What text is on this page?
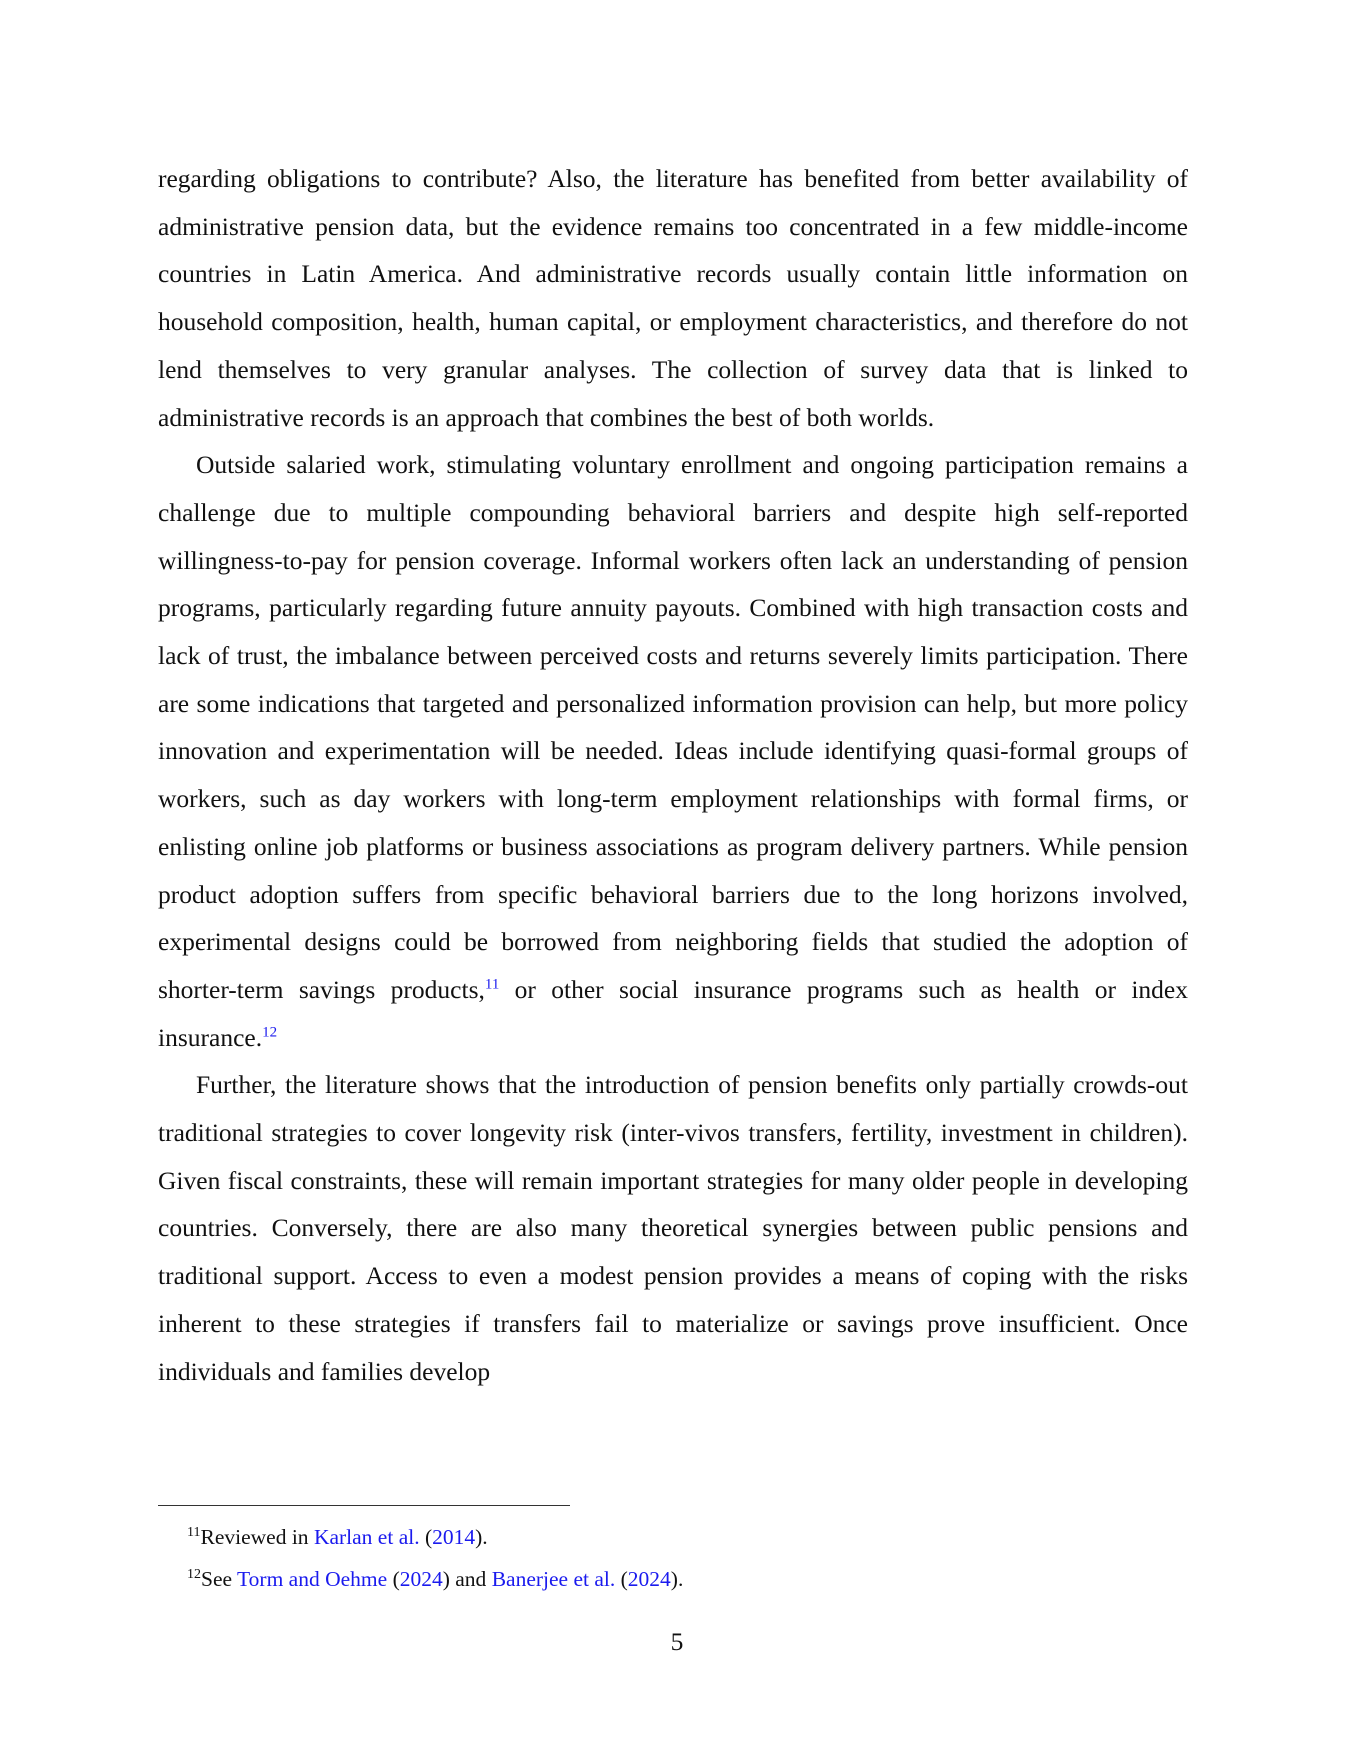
regarding obligations to contribute? Also, the literature has benefited from better availability of administrative pension data, but the evidence remains too concentrated in a few middle-income countries in Latin America. And administrative records usually contain little information on household composition, health, human capital, or employment characteristics, and therefore do not lend themselves to very granular analyses. The collection of survey data that is linked to administrative records is an approach that combines the best of both worlds.

Outside salaried work, stimulating voluntary enrollment and ongoing participation remains a challenge due to multiple compounding behavioral barriers and despite high self-reported willingness-to-pay for pension coverage. Informal workers often lack an understanding of pension programs, particularly regarding future annuity payouts. Combined with high transaction costs and lack of trust, the imbalance between perceived costs and returns severely limits participation. There are some indications that targeted and personalized information provision can help, but more policy innovation and experimentation will be needed. Ideas include identifying quasi-formal groups of workers, such as day workers with long-term employment relationships with formal firms, or enlisting online job platforms or business associations as program delivery partners. While pension product adoption suffers from specific behavioral barriers due to the long horizons involved, experimental designs could be borrowed from neighboring fields that studied the adoption of shorter-term savings products,$^{11}$ or other social insurance programs such as health or index insurance.$^{12}$

Further, the literature shows that the introduction of pension benefits only partially crowds-out traditional strategies to cover longevity risk (inter-vivos transfers, fertility, investment in children). Given fiscal constraints, these will remain important strategies for many older people in developing countries. Conversely, there are also many theoretical synergies between public pensions and traditional support. Access to even a modest pension provides a means of coping with the risks inherent to these strategies if transfers fail to materialize or savings prove insufficient. Once individuals and families develop

$^{11}$Reviewed in Karlan et al. (2014).

$^{12}$See Torm and Oehme (2024) and Banerjee et al. (2024).

5
